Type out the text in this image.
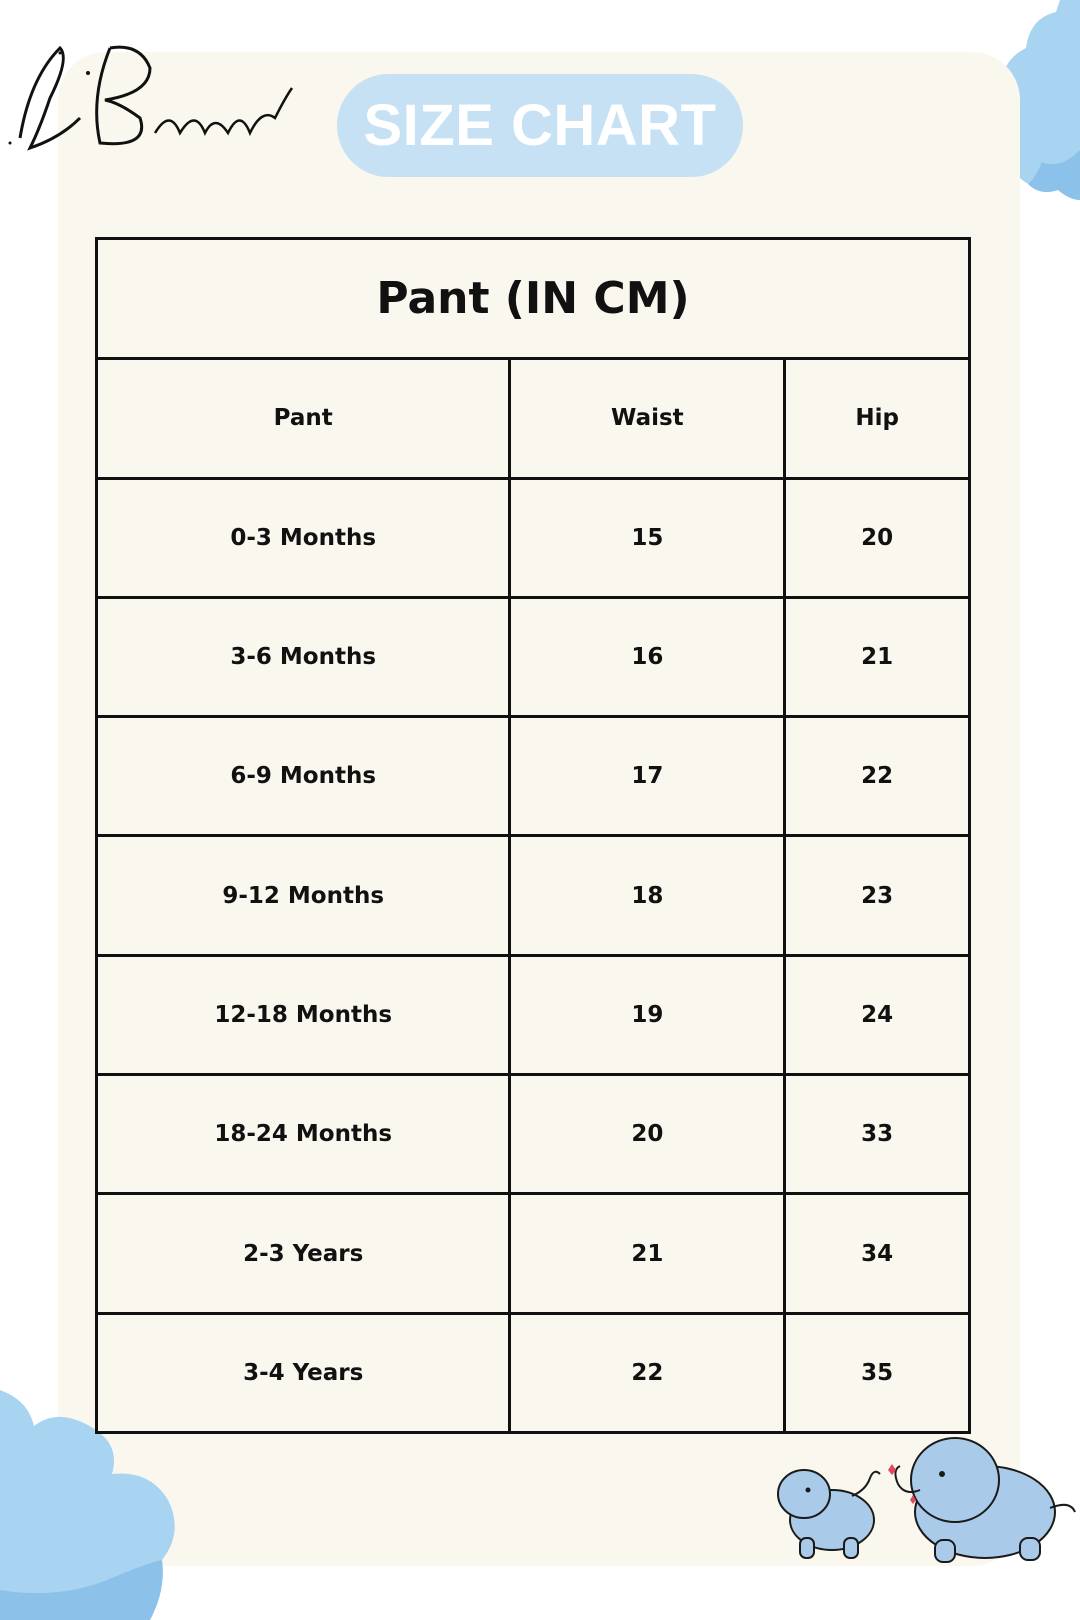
Lil'Bonfire	SIZE CHART
Pant (IN CM)		
Pant	Waist	Hip
0-3 Months	15	20
3-6 Months	16	21
6-9 Months	17	22
9-12 Months	18	23
12-18 Months	19	24
18-24 Months	20	33
2-3 Years	21	34
3-4 Years	22	35
